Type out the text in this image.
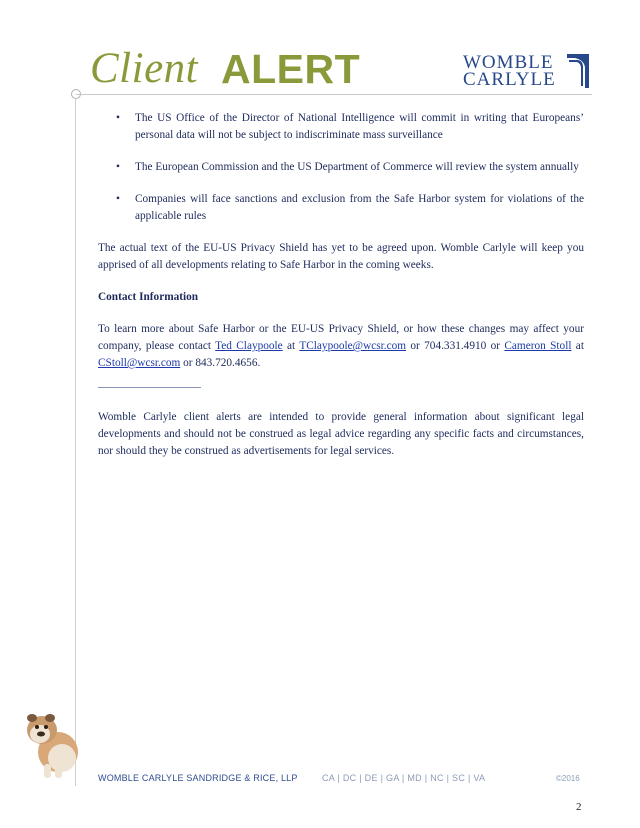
Client ALERT	WOMBLE
CARLYLE
• The US Office of the Director of National Intelligence will commit in writing that Europeans’ personal data will not be subject to indiscriminate mass surveillance
• The European Commission and the US Department of Commerce will review the system annually
• Companies will face sanctions and exclusion from the Safe Harbor system for violations of the applicable rules

The actual text of the EU-US Privacy Shield has yet to be agreed upon. Womble Carlyle will keep you apprised of all developments relating to Safe Harbor in the coming weeks.

Contact Information

To learn more about Safe Harbor or the EU-US Privacy Shield, or how these changes may affect your company, please contact Ted Claypoole at TClaypoole@wcsr.com or 704.331.4910 or Cameron Stoll at CStoll@wcsr.com or 843.720.4656.

Womble Carlyle client alerts are intended to provide general information about significant legal developments and should not be construed as legal advice regarding any specific facts and circumstances, nor should they be construed as advertisements for legal services.

WOMBLE CARLYLE SANDRIDGE & RICE, LLP	CA | DC | DE | GA | MD | NC | SC | VA	©2016
2
